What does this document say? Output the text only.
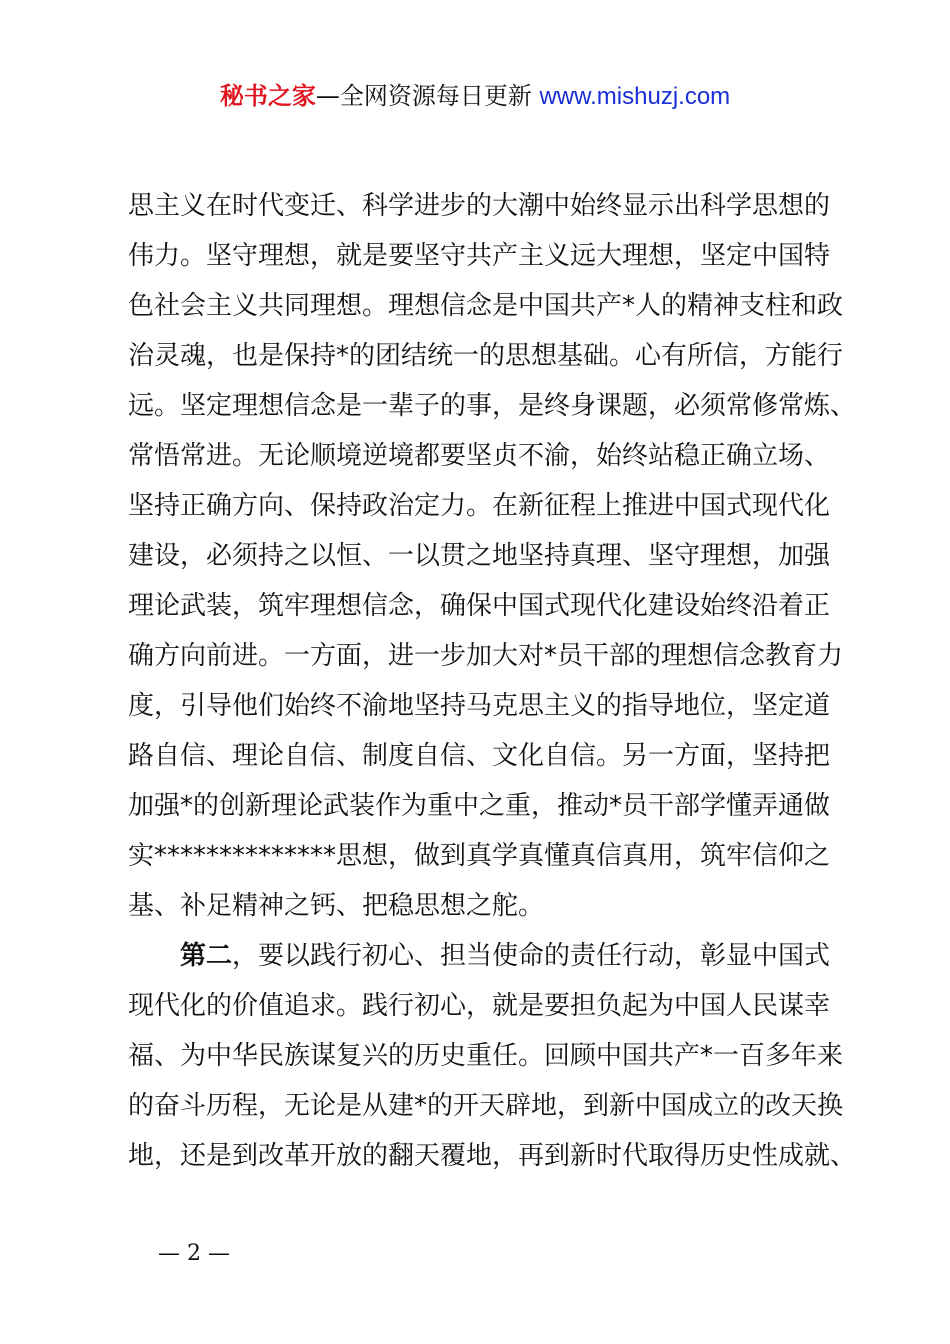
秘书之家—全网资源每日更新 www.mishuzj.com
思主义在时代变迁、科学进步的大潮中始终显示出科学思想的
伟力。坚守理想，就是要坚守共产主义远大理想，坚定中国特
色社会主义共同理想。理想信念是中国共产*人的精神支柱和政
治灵魂，也是保持*的团结统一的思想基础。心有所信，方能行
远。坚定理想信念是一辈子的事，是终身课题，必须常修常炼、
常悟常进。无论顺境逆境都要坚贞不渝，始终站稳正确立场、
坚持正确方向、保持政治定力。在新征程上推进中国式现代化
建设，必须持之以恒、一以贯之地坚持真理、坚守理想，加强
理论武装，筑牢理想信念，确保中国式现代化建设始终沿着正
确方向前进。一方面，进一步加大对*员干部的理想信念教育力
度，引导他们始终不渝地坚持马克思主义的指导地位，坚定道
路自信、理论自信、制度自信、文化自信。另一方面，坚持把
加强*的创新理论武装作为重中之重，推动*员干部学懂弄通做
实**************思想，做到真学真懂真信真用，筑牢信仰之
基、补足精神之钙、把稳思想之舵。
第二，要以践行初心、担当使命的责任行动，彰显中国式
现代化的价值追求。践行初心，就是要担负起为中国人民谋幸
福、为中华民族谋复兴的历史重任。回顾中国共产*一百多年来
的奋斗历程，无论是从建*的开天辟地，到新中国成立的改天换
地，还是到改革开放的翻天覆地，再到新时代取得历史性成就、
— 2 —
